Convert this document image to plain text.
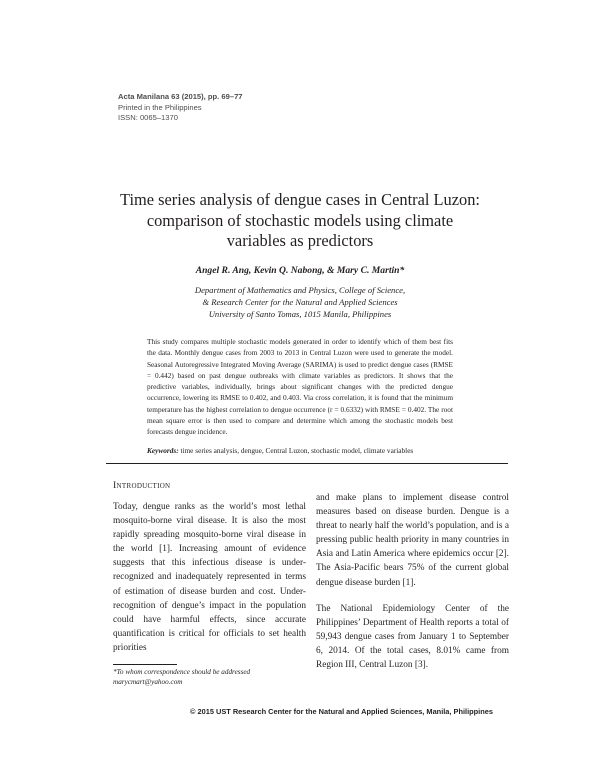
Acta Manilana 63 (2015), pp. 69–77
Printed in the Philippines
ISSN: 0065–1370
Time series analysis of dengue cases in Central Luzon:
comparison of stochastic models using climate
variables as predictors
Angel R. Ang, Kevin Q. Nabong, & Mary C. Martin*
Department of Mathematics and Physics, College of Science,
& Research Center for the Natural and Applied Sciences
University of Santo Tomas, 1015 Manila, Philippines
This study compares multiple stochastic models generated in order to identify which of them best fits the data. Monthly dengue cases from 2003 to 2013 in Central Luzon were used to generate the model. Seasonal Autoregressive Integrated Moving Average (SARIMA) is used to predict dengue cases (RMSE = 0.442) based on past dengue outbreaks with climate variables as predictors. It shows that the predictive variables, individually, brings about significant changes with the predicted dengue occurrence, lowering its RMSE to 0.402, and 0.403. Via cross correlation, it is found that the minimum temperature has the highest correlation to dengue occurrence (r = 0.6332) with RMSE = 0.402. The root mean square error is then used to compare and determine which among the stochastic models best forecasts dengue incidence.
Keywords: time series analysis, dengue, Central Luzon, stochastic model, climate variables
Introduction

Today, dengue ranks as the world’s most lethal mosquito-borne viral disease. It is also the most rapidly spreading mosquito-borne viral disease in the world [1]. Increasing amount of evidence suggests that this infectious disease is under-recognized and inadequately represented in terms of estimation of disease burden and cost. Under-recognition of dengue’s impact in the population could have harmful effects, since accurate quantification is critical for officials to set health priorities

and make plans to implement disease control measures based on disease burden. Dengue is a threat to nearly half the world’s population, and is a pressing public health priority in many countries in Asia and Latin America where epidemics occur [2]. The Asia-Pacific bears 75% of the current global dengue disease burden [1].

The National Epidemiology Center of the Philippines’ Department of Health reports a total of 59,943 dengue cases from January 1 to September 6, 2014. Of the total cases, 8.01% came from Region III, Central Luzon [3].

*To whom correspondence should be addressed
marycmart@yahoo.com
© 2015 UST Research Center for the Natural and Applied Sciences, Manila, Philippines
